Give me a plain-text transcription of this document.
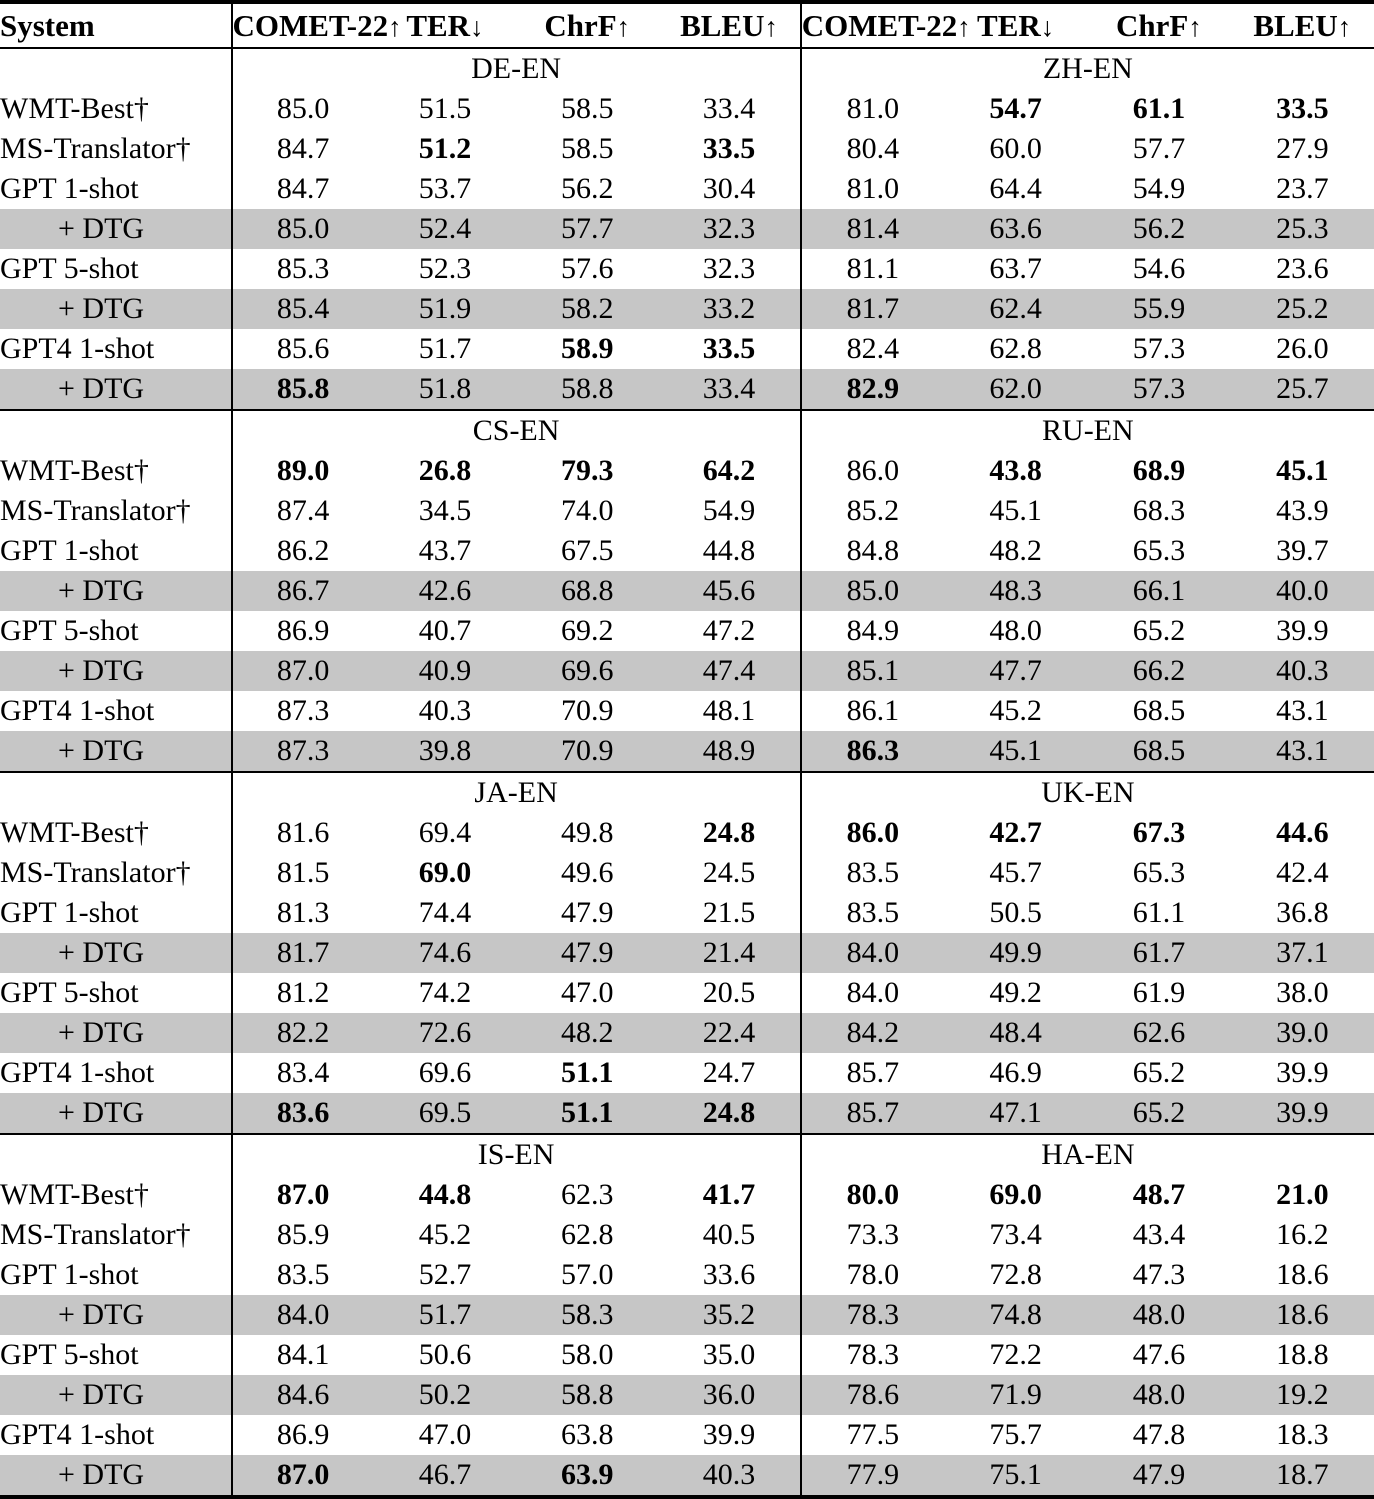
System	COMET-22↑	TER↓	ChrF↑	BLEU↑	COMET-22↑	TER↓	ChrF↑	BLEU↑
	DE-EN				ZH-EN			
WMT-Best†	85.0	51.5	58.5	33.4	81.0	54.7	61.1	33.5
MS-Translator†	84.7	51.2	58.5	33.5	80.4	60.0	57.7	27.9
GPT 1-shot	84.7	53.7	56.2	30.4	81.0	64.4	54.9	23.7
+ DTG	85.0	52.4	57.7	32.3	81.4	63.6	56.2	25.3
GPT 5-shot	85.3	52.3	57.6	32.3	81.1	63.7	54.6	23.6
+ DTG	85.4	51.9	58.2	33.2	81.7	62.4	55.9	25.2
GPT4 1-shot	85.6	51.7	58.9	33.5	82.4	62.8	57.3	26.0
+ DTG	85.8	51.8	58.8	33.4	82.9	62.0	57.3	25.7
	CS-EN				RU-EN			
WMT-Best†	89.0	26.8	79.3	64.2	86.0	43.8	68.9	45.1
MS-Translator†	87.4	34.5	74.0	54.9	85.2	45.1	68.3	43.9
GPT 1-shot	86.2	43.7	67.5	44.8	84.8	48.2	65.3	39.7
+ DTG	86.7	42.6	68.8	45.6	85.0	48.3	66.1	40.0
GPT 5-shot	86.9	40.7	69.2	47.2	84.9	48.0	65.2	39.9
+ DTG	87.0	40.9	69.6	47.4	85.1	47.7	66.2	40.3
GPT4 1-shot	87.3	40.3	70.9	48.1	86.1	45.2	68.5	43.1
+ DTG	87.3	39.8	70.9	48.9	86.3	45.1	68.5	43.1
	JA-EN				UK-EN			
WMT-Best†	81.6	69.4	49.8	24.8	86.0	42.7	67.3	44.6
MS-Translator†	81.5	69.0	49.6	24.5	83.5	45.7	65.3	42.4
GPT 1-shot	81.3	74.4	47.9	21.5	83.5	50.5	61.1	36.8
+ DTG	81.7	74.6	47.9	21.4	84.0	49.9	61.7	37.1
GPT 5-shot	81.2	74.2	47.0	20.5	84.0	49.2	61.9	38.0
+ DTG	82.2	72.6	48.2	22.4	84.2	48.4	62.6	39.0
GPT4 1-shot	83.4	69.6	51.1	24.7	85.7	46.9	65.2	39.9
+ DTG	83.6	69.5	51.1	24.8	85.7	47.1	65.2	39.9
	IS-EN				HA-EN			
WMT-Best†	87.0	44.8	62.3	41.7	80.0	69.0	48.7	21.0
MS-Translator†	85.9	45.2	62.8	40.5	73.3	73.4	43.4	16.2
GPT 1-shot	83.5	52.7	57.0	33.6	78.0	72.8	47.3	18.6
+ DTG	84.0	51.7	58.3	35.2	78.3	74.8	48.0	18.6
GPT 5-shot	84.1	50.6	58.0	35.0	78.3	72.2	47.6	18.8
+ DTG	84.6	50.2	58.8	36.0	78.6	71.9	48.0	19.2
GPT4 1-shot	86.9	47.0	63.8	39.9	77.5	75.7	47.8	18.3
+ DTG	87.0	46.7	63.9	40.3	77.9	75.1	47.9	18.7
